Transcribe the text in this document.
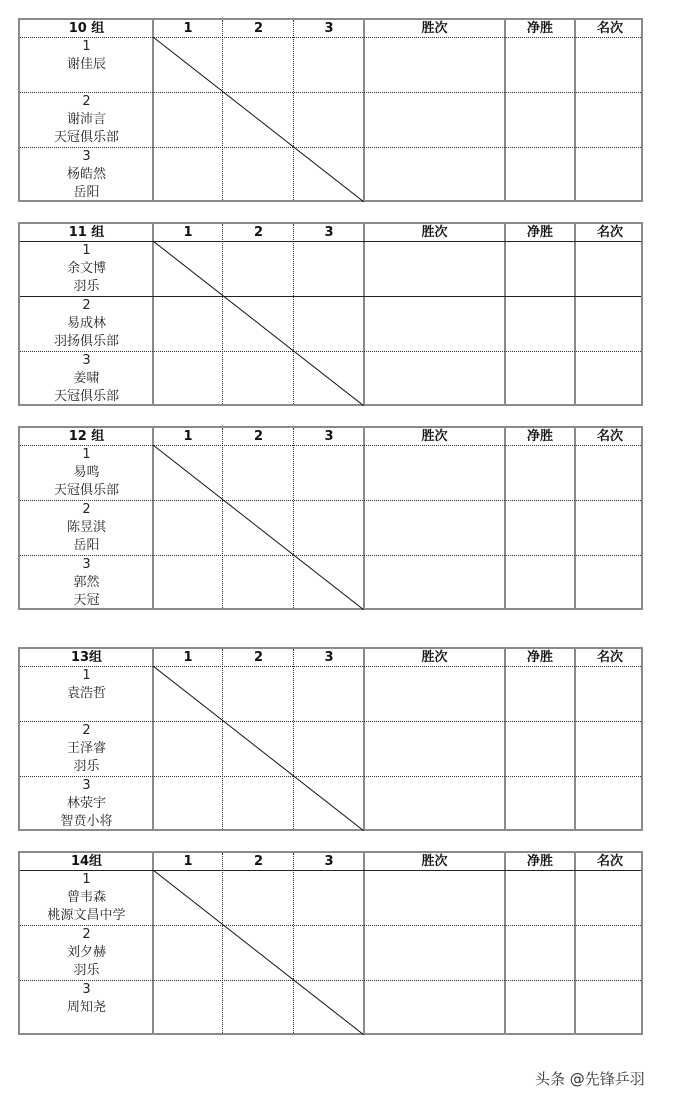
10 组	1	2	3	胜次	净胜	名次
1
谢佳辰
2
谢沛言
天冠俱乐部
3
杨皓然
岳阳
11 组	1	2	3	胜次	净胜	名次
1
余文博
羽乐
2
易成林
羽扬俱乐部
3
姜啸
天冠俱乐部
12 组	1	2	3	胜次	净胜	名次
1
易鸣
天冠俱乐部
2
陈昱淇
岳阳
3
郭然
天冠
13组	1	2	3	胜次	净胜	名次
1
袁浩哲
2
王泽睿
羽乐
3
林荥宇
智贲小将
14组	1	2	3	胜次	净胜	名次
1
曾韦森
桃源文昌中学
2
刘夕赫
羽乐
3
周知尧
头条 @先锋乒羽
